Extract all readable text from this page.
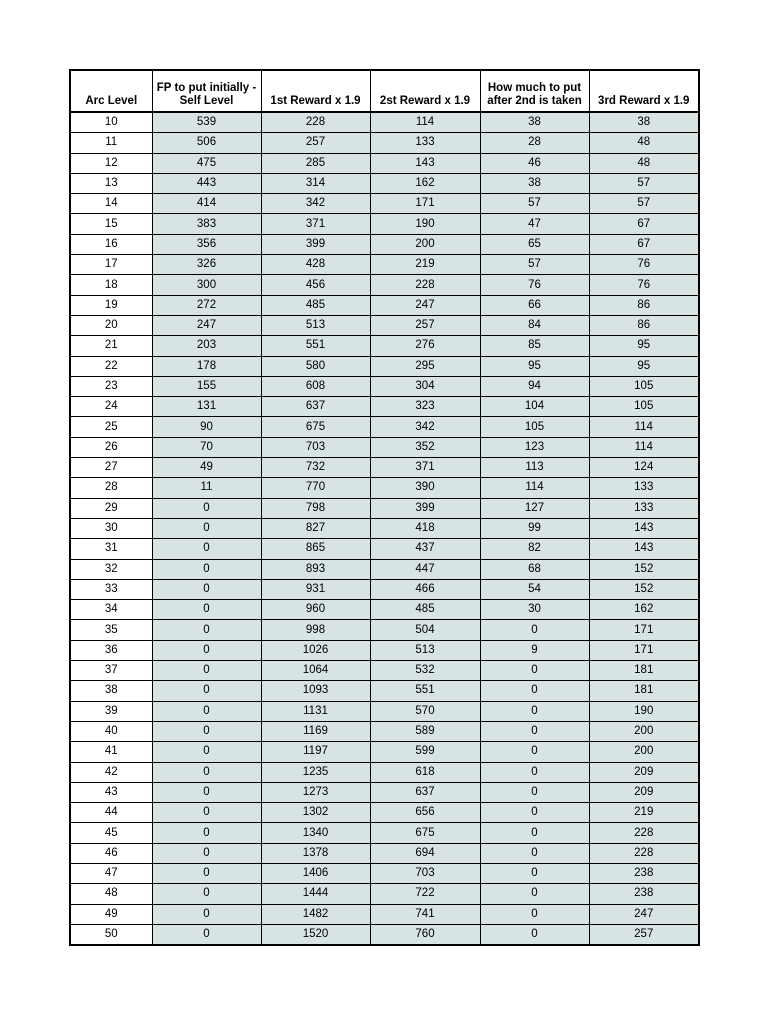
Arc Level	FP to put initially - Self Level	1st Reward x 1.9	2st Reward x 1.9	How much to put after 2nd is taken	3rd Reward x 1.9
10	539	228	114	38	38
11	506	257	133	28	48
12	475	285	143	46	48
13	443	314	162	38	57
14	414	342	171	57	57
15	383	371	190	47	67
16	356	399	200	65	67
17	326	428	219	57	76
18	300	456	228	76	76
19	272	485	247	66	86
20	247	513	257	84	86
21	203	551	276	85	95
22	178	580	295	95	95
23	155	608	304	94	105
24	131	637	323	104	105
25	90	675	342	105	114
26	70	703	352	123	114
27	49	732	371	113	124
28	11	770	390	114	133
29	0	798	399	127	133
30	0	827	418	99	143
31	0	865	437	82	143
32	0	893	447	68	152
33	0	931	466	54	152
34	0	960	485	30	162
35	0	998	504	0	171
36	0	1026	513	9	171
37	0	1064	532	0	181
38	0	1093	551	0	181
39	0	1131	570	0	190
40	0	1169	589	0	200
41	0	1197	599	0	200
42	0	1235	618	0	209
43	0	1273	637	0	209
44	0	1302	656	0	219
45	0	1340	675	0	228
46	0	1378	694	0	228
47	0	1406	703	0	238
48	0	1444	722	0	238
49	0	1482	741	0	247
50	0	1520	760	0	257
